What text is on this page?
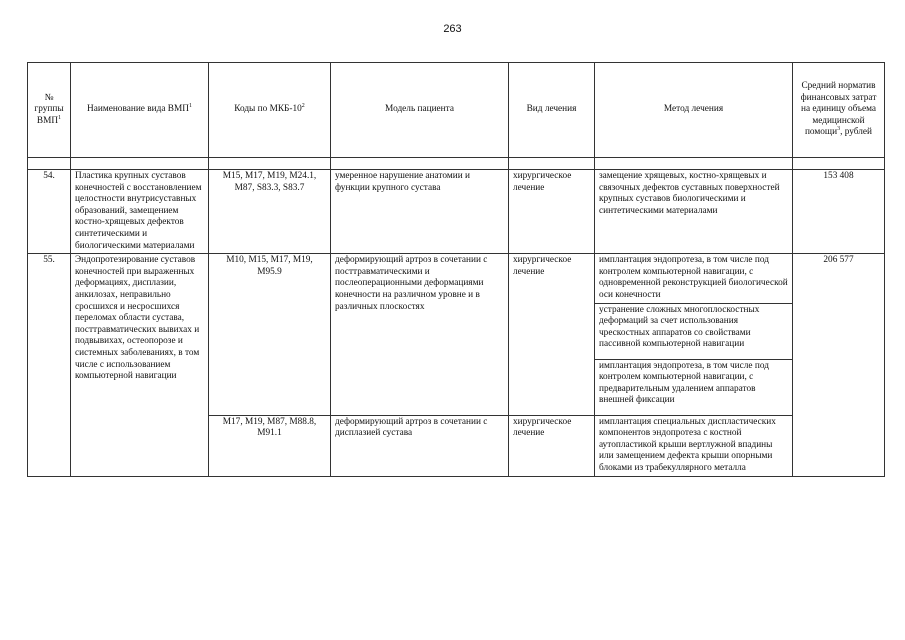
263
№ группы ВМП$^1$	Наименование вида ВМП$^1$	Коды по МКБ-$10^2$	Модель пациента	Вид лечения	Метод лечения	Средний норматив финансовых затрат на единицу объема медицинской помощи$^3$, рублей

54.	Пластика крупных суставов конечностей с восстановлением целостности внутрисуставных образований, замещением костно-хрящевых дефектов синтетическими и биологическими материалами	M15, M17, M19, M24.1, M87, S83.3, S83.7	умеренное нарушение анатомии и функции крупного сустава	хирургическое лечение	замещение хрящевых, костно-хрящевых и связочных дефектов суставных поверхностей крупных суставов биологическими и синтетическими материалами	153 408
55.	Эндопротезирование суставов конечностей при выраженных деформациях, дисплазии, анкилозах, неправильно сросшихся и несросшихся переломах области сустава, посттравматических вывихах и подвывихах, остеопорозе и системных заболеваниях, в том числе с использованием компьютерной навигации	M10, M15, M17, M19, M95.9	деформирующий артроз в сочетании с посттравматическими и послеоперационными деформациями конечности на различном уровне и в различных плоскостях	хирургическое лечение	имплантация эндопротеза, в том числе под контролем компьютерной навигации, с одновременной реконструкцией биологической оси конечности	206 577
					устранение сложных многоплоскостных деформаций за счет использования чрескостных аппаратов со свойствами пассивной компьютерной навигации	
					имплантация эндопротеза, в том числе под контролем компьютерной навигации, с предварительным удалением аппаратов внешней фиксации	
		M17, M19, M87, M88.8, M91.1	деформирующий артроз в сочетании с дисплазией сустава	хирургическое лечение	имплантация специальных диспластических компонентов эндопротеза с костной аутопластикой крыши вертлужной впадины или замещением дефекта крыши опорными блоками из трабекуллярного металла	
